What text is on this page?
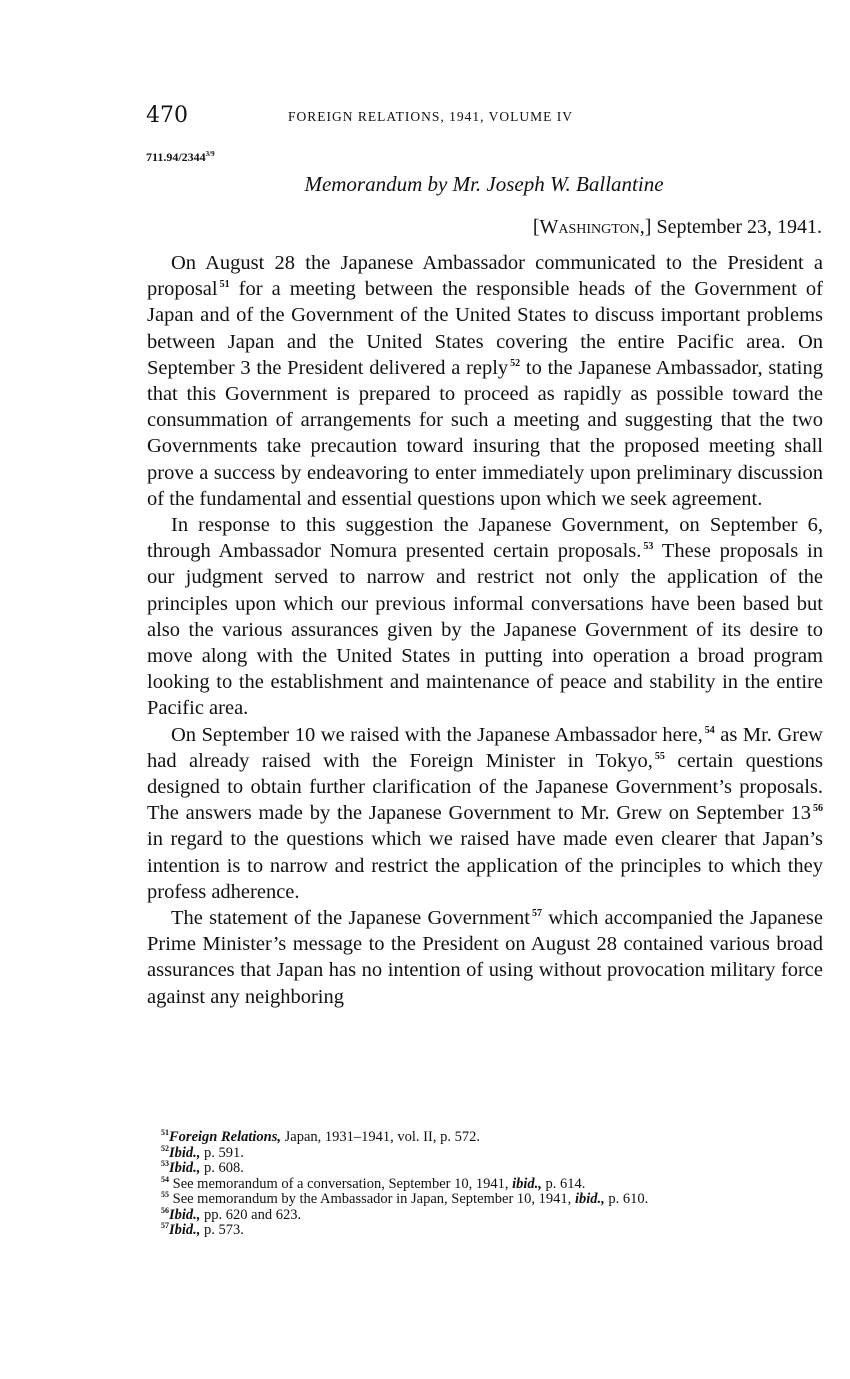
470	FOREIGN RELATIONS, 1941, VOLUME IV
$711.94/2344^{3/9}$
Memorandum by Mr. Joseph W. Ballantine
[Washington,] September 23, 1941.

On August 28 the Japanese Ambassador communicated to the President a proposal $^{51}$ for a meeting between the responsible heads of the Government of Japan and of the Government of the United States to discuss important problems between Japan and the United States covering the entire Pacific area. On September 3 the President delivered a reply $^{52}$ to the Japanese Ambassador, stating that this Government is prepared to proceed as rapidly as possible toward the consummation of arrangements for such a meeting and suggesting that the two Governments take precaution toward insuring that the proposed meeting shall prove a success by endeavoring to enter immediately upon preliminary discussion of the fundamental and essential questions upon which we seek agreement.

In response to this suggestion the Japanese Government, on September 6, through Ambassador Nomura presented certain proposals. $^{53}$ These proposals in our judgment served to narrow and restrict not only the application of the principles upon which our previous informal conversations have been based but also the various assurances given by the Japanese Government of its desire to move along with the United States in putting into operation a broad program looking to the establishment and maintenance of peace and stability in the entire Pacific area.

On September 10 we raised with the Japanese Ambassador here, $^{54}$ as Mr. Grew had already raised with the Foreign Minister in Tokyo, $^{55}$ certain questions designed to obtain further clarification of the Japanese Government’s proposals. The answers made by the Japanese Government to Mr. Grew on September 13 $^{56}$ in regard to the questions which we raised have made even clearer that Japan’s intention is to narrow and restrict the application of the principles to which they profess adherence.

The statement of the Japanese Government $^{57}$ which accompanied the Japanese Prime Minister’s message to the President on August 28 contained various broad assurances that Japan has no intention of using without provocation military force against any neighboring

$^{51}$Foreign Relations, Japan, 1931–1941, vol. II, p. 572.

$^{52}$Ibid., p. 591.

$^{53}$Ibid., p. 608.

$^{54}$ See memorandum of a conversation, September 10, 1941, ibid., p. 614.

$^{55}$ See memorandum by the Ambassador in Japan, September 10, 1941, ibid., p. 610.

$^{56}$Ibid., pp. 620 and 623.

$^{57}$Ibid., p. 573.
